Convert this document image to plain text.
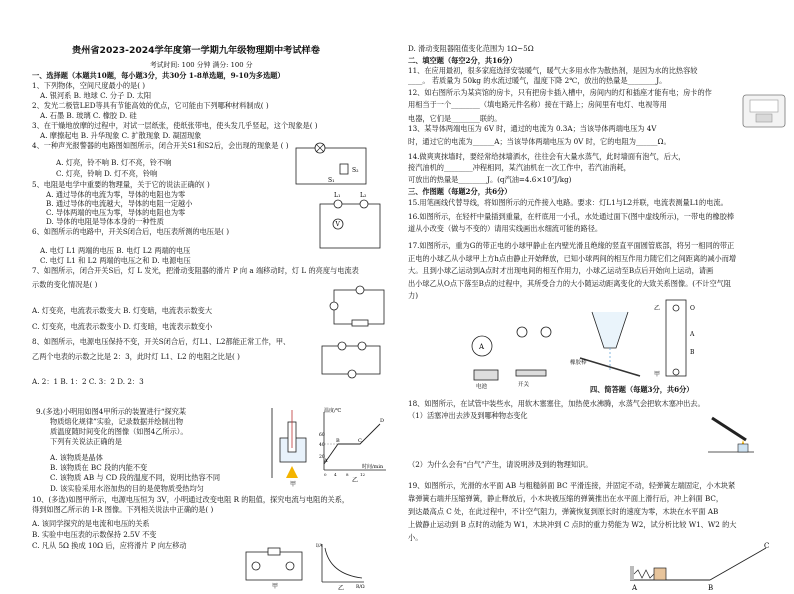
贵州省2023-2024学年度第一学期九年级物理期中考试样卷
考试时间: 100 分钟 满分: 100 分
一、选择题（本题共10题，每小题3分，共30分 1-8单选题，9-10为多选题）
1、下列物体，空间尺度最小的是( )
A. 银河系 B. 地球 C. 分子 D. 太阳
2、发光二极管LED等具有节能高效的优点，它可能由下列哪种材料制成( )
A. 石墨 B. 玻璃 C. 橡胶 D. 硅
3、在干燥地放摩的过程中，对试一层纸张，使纸张带电，使头发几乎竖起，这个现象是( )
A. 摩擦起电 B. 升华现象 C. 扩散现象 D. 凝固现象
4、一种声光报警器的电路图如图所示，闭合开关S1和S2后，会出现的现象是 ( )
A. 灯亮，铃不响 B. 灯不亮，铃不响
C. 灯亮，铃响 D. 灯不亮，铃响
5、电阻是电学中重要的物理量，关于它的说法正确的( )
A. 通过导体的电流为零，导体的电阻也为零
B. 通过导体的电流越大，导体的电阻一定越小
C. 导体两端的电压为零，导体的电阻也为零
D. 导体的电阻是导体本身的一种性质
6、如图所示的电路中，开关S闭合后，电压表所测的电压是( )
A. 电灯 L1 两端的电压 B. 电灯 L2 两端的电压
C. 电灯 L1 和 L2 两端的电压之和 D. 电源电压
7、如图所示，闭合开关S后，灯 L 发光，把滑动变阻器的滑片 P 向 a 端移动时，灯 L 的亮度与电流表
示数的变化情况是( )
A. 灯变亮，电流表示数变大 B. 灯变暗，电流表示数变大
C. 灯变亮，电流表示数变小 D. 灯变暗，电流表示数变小
8、如图所示，电源电压保持不变，开关S闭合后，灯L1、L2都能正常工作，甲、
乙两个电表的示数之比是 2：3，此时灯 L1、L2 的电阻之比是( )
A. 2：1 B. 1：2 C. 3：2 D. 2：3
9.(多选)小明用如图4甲所示的装置进行“探究某
物质熔化规律”实验，记录数据并绘制出物
质温度随时间变化的图像（如图4乙所示）。
下列有关说法正确的是
A. 该物质是晶体
B. 该物质在 BC 段的内能不变
C. 该物质 AB 与 CD 段的温度不同，说明比热容不同
D. 该实验采用水浴加热的目的是使物质受热均匀
10、(多选)如图甲所示，电源电压恒为 3V，小明通过改变电阻 R 的阻值，探究电流与电阻的关系，
得到如图乙所示的 I-R 图像。下列相关说法中正确的是( )
A. 该同学探究的是电流和电压的关系
B. 实验中电压表的示数保持 2.5V 不变
C. 凡从 5Ω 换成 10Ω 后，应将滑片 P 向左移动
S₁
S₂
V
L₁	L₂
甲
温度/℃
时间/min
60
40
20
B	C
A
D
0 4 8	12
乙
甲
I/A
R/Ω
乙
D. 滑动变阻器阻值变化范围为 1Ω~5Ω
二、填空题（每空2分，共16分）
11、在应用最初，很多家庭选择安装暖气，暖气大多用水作为散热剂，是因为水的比热容较
____。 若质量为 50kg 的水流过暖气，温度下降 2℃，放出的热量是________J。
12、如右图所示为某宾馆的房卡，只有把房卡插入槽中，房间内的灯和插座才能有电；房卡的作
用相当于一个________（填电路元件名称）接在干路上；房间里有电灯、电视等用
电器，它们是________联的。
13、某导体两端电压为 6V 时，通过的电流为 0.3A；当该导体两端电压为 4V
时，通过它的电流为______A；当该导体两端电压为 0V 时，它的电阻为______Ω。
14.做爽爽抹墙时，要经常给抹墙洒水，往往会有大量水蒸气，此时墙面有泡气，后大，
接汽油机的________冲程相同，某汽油机在一次工作中，若汽油消耗，
可放出的热量是________J。(q汽油=4.6×10⁷J/kg)
三、作图题（每题2分，共6分）
15.用笔画线代替导线，将如图所示的元件接入电路。要求：灯L1与L2并联，电流表测量L1的电流。
16.如图所示，在轻杆中量插到重量，在杆底用一小孔，水处通过面下(图中虚线所示)，一带电的橡胶棒
道从小改变（做与不变的）请用实线画出水细流可能的路径。
17.如图所示，重为G的带正电的小球甲静止在内壁光滑且绝缘的竖直平面圆管底部，将另一相同的带正
正电的小球乙从小球甲上方h点由静止开始释放，已知小球两间的相互作用力随它们之间距离的减小而增
大。且到小球乙运动到A点时才出现电间的相互作用力，小球乙运动至B点后开始向上运动，请画
出小球乙从O点下落至B点的过程中，其所受合力的大小随运动距离变化的大致关系图像。(不计空气阻
力)
四、简答题（每题3分，共6分）
18、如图所示，在试管中装些水，用软木塞塞住，加热使水沸腾，水蒸气会把软木塞冲出去。
（1）活塞冲出去涉及到哪种物态变化
（2）为什么会有“白气”产生，请说明涉及到的物理知识。
19、如图所示，光滑的水平面 AB 与粗糙斜面 BC 平滑连接，并固定不动，轻弹簧左端固定，小木块紧
靠弹簧右端并压缩弹簧，静止释放后，小木块被压缩的弹簧推出在水平面上滑行后，冲上斜面 BC，
到达最高点 C 处，在此过程中，不计空气阻力，弹簧恢复到原长时的速度为零，木块在水平面 AB
上做静止运动到 B 点时的动能为 W1，木块冲到 C 点时的重力势能为 W2，试分析比较 W1、W2 的大
小。
A
开关
电池
橡胶棒
乙
甲
O
A
B
A	B
C
